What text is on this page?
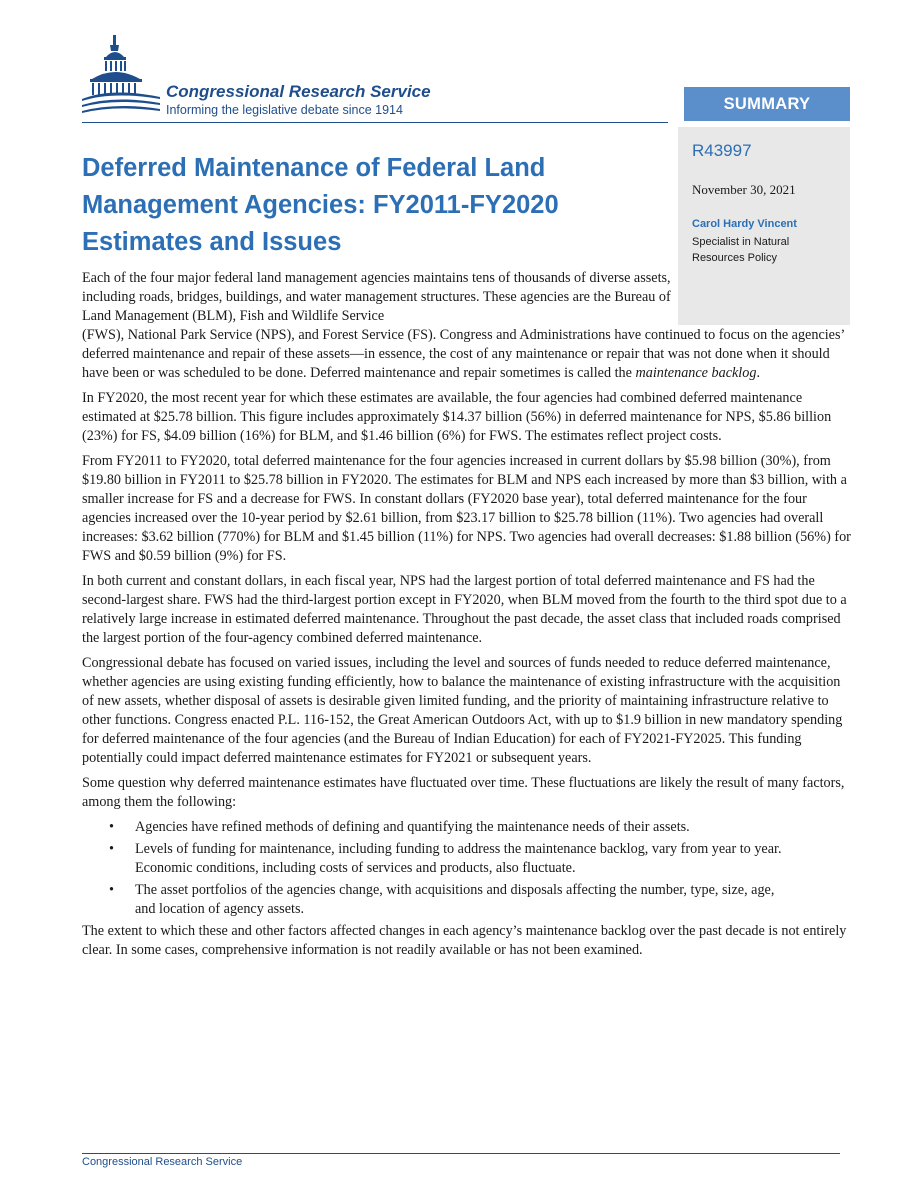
Congressional Research Service
Informing the legislative debate since 1914	SUMMARY
R43997
November 30, 2021
Carol Hardy Vincent
Specialist in Natural Resources Policy
Deferred Maintenance of Federal Land Management Agencies: FY2011-FY2020 Estimates and Issues

Each of the four major federal land management agencies maintains tens of thousands of diverse assets, including roads, bridges, buildings, and water management structures. These agencies are the Bureau of Land Management (BLM), Fish and Wildlife Service
(FWS), National Park Service (NPS), and Forest Service (FS). Congress and Administrations have continued to focus on the agencies’ deferred maintenance and repair of these assets—in essence, the cost of any maintenance or repair that was not done when it should have been or was scheduled to be done. Deferred maintenance and repair sometimes is called the maintenance backlog.

In FY2020, the most recent year for which these estimates are available, the four agencies had combined deferred maintenance estimated at $25.78 billion. This figure includes approximately $14.37 billion (56%) in deferred maintenance for NPS, $5.86 billion (23%) for FS, $4.09 billion (16%) for BLM, and $1.46 billion (6%) for FWS. The estimates reflect project costs.

From FY2011 to FY2020, total deferred maintenance for the four agencies increased in current dollars by $5.98 billion (30%), from $19.80 billion in FY2011 to $25.78 billion in FY2020. The estimates for BLM and NPS each increased by more than $3 billion, with a smaller increase for FS and a decrease for FWS. In constant dollars (FY2020 base year), total deferred maintenance for the four agencies increased over the 10-year period by $2.61 billion, from $23.17 billion to $25.78 billion (11%). Two agencies had overall increases: $3.62 billion (770%) for BLM and $1.45 billion (11%) for NPS. Two agencies had overall decreases: $1.88 billion (56%) for FWS and $0.59 billion (9%) for FS.

In both current and constant dollars, in each fiscal year, NPS had the largest portion of total deferred maintenance and FS had the second-largest share. FWS had the third-largest portion except in FY2020, when BLM moved from the fourth to the third spot due to a relatively large increase in estimated deferred maintenance. Throughout the past decade, the asset class that included roads comprised the largest portion of the four-agency combined deferred maintenance.

Congressional debate has focused on varied issues, including the level and sources of funds needed to reduce deferred maintenance, whether agencies are using existing funding efficiently, how to balance the maintenance of existing infrastructure with the acquisition of new assets, whether disposal of assets is desirable given limited funding, and the priority of maintaining infrastructure relative to other functions. Congress enacted P.L. 116-152, the Great American Outdoors Act, with up to $1.9 billion in new mandatory spending for deferred maintenance of the four agencies (and the Bureau of Indian Education) for each of FY2021-FY2025. This funding potentially could impact deferred maintenance estimates for FY2021 or subsequent years.

Some question why deferred maintenance estimates have fluctuated over time. These fluctuations are likely the result of many factors, among them the following:

• Agencies have refined methods of defining and quantifying the maintenance needs of their assets.
• Levels of funding for maintenance, including funding to address the maintenance backlog, vary from year to year. Economic conditions, including costs of services and products, also fluctuate.
• The asset portfolios of the agencies change, with acquisitions and disposals affecting the number, type, size, age, and location of agency assets.

The extent to which these and other factors affected changes in each agency’s maintenance backlog over the past decade is not entirely clear. In some cases, comprehensive information is not readily available or has not been examined.

Congressional Research Service
